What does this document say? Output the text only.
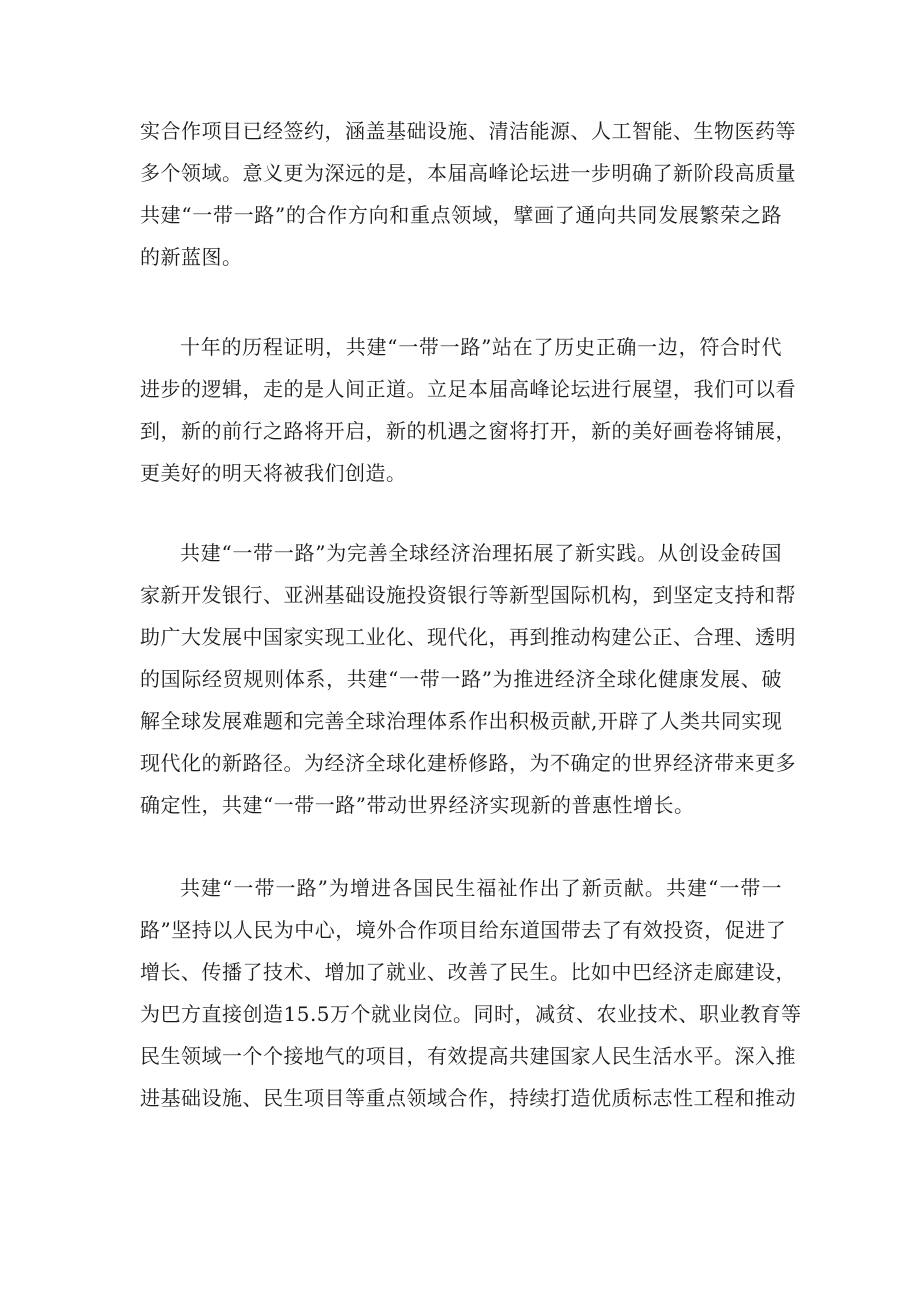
实合作项目已经签约，涵盖基础设施、清洁能源、人工智能、生物医药等
多个领域。意义更为深远的是，本届高峰论坛进一步明确了新阶段高质量
共建“一带一路”的合作方向和重点领域，擘画了通向共同发展繁荣之路
的新蓝图。
十年的历程证明，共建“一带一路”站在了历史正确一边，符合时代
进步的逻辑，走的是人间正道。立足本届高峰论坛进行展望，我们可以看
到，新的前行之路将开启，新的机遇之窗将打开，新的美好画卷将铺展，
更美好的明天将被我们创造。
共建“一带一路”为完善全球经济治理拓展了新实践。从创设金砖国
家新开发银行、亚洲基础设施投资银行等新型国际机构，到坚定支持和帮
助广大发展中国家实现工业化、现代化，再到推动构建公正、合理、透明
的国际经贸规则体系，共建“一带一路”为推进经济全球化健康发展、破
解全球发展难题和完善全球治理体系作出积极贡献,开辟了人类共同实现
现代化的新路径。为经济全球化建桥修路，为不确定的世界经济带来更多
确定性，共建“一带一路”带动世界经济实现新的普惠性增长。
共建“一带一路”为增进各国民生福祉作出了新贡献。共建“一带一
路”坚持以人民为中心，境外合作项目给东道国带去了有效投资，促进了
增长、传播了技术、增加了就业、改善了民生。比如中巴经济走廊建设，
为巴方直接创造15.5万个就业岗位。同时，减贫、农业技术、职业教育等
民生领域一个个接地气的项目，有效提高共建国家人民生活水平。深入推
进基础设施、民生项目等重点领域合作，持续打造优质标志性工程和推动
